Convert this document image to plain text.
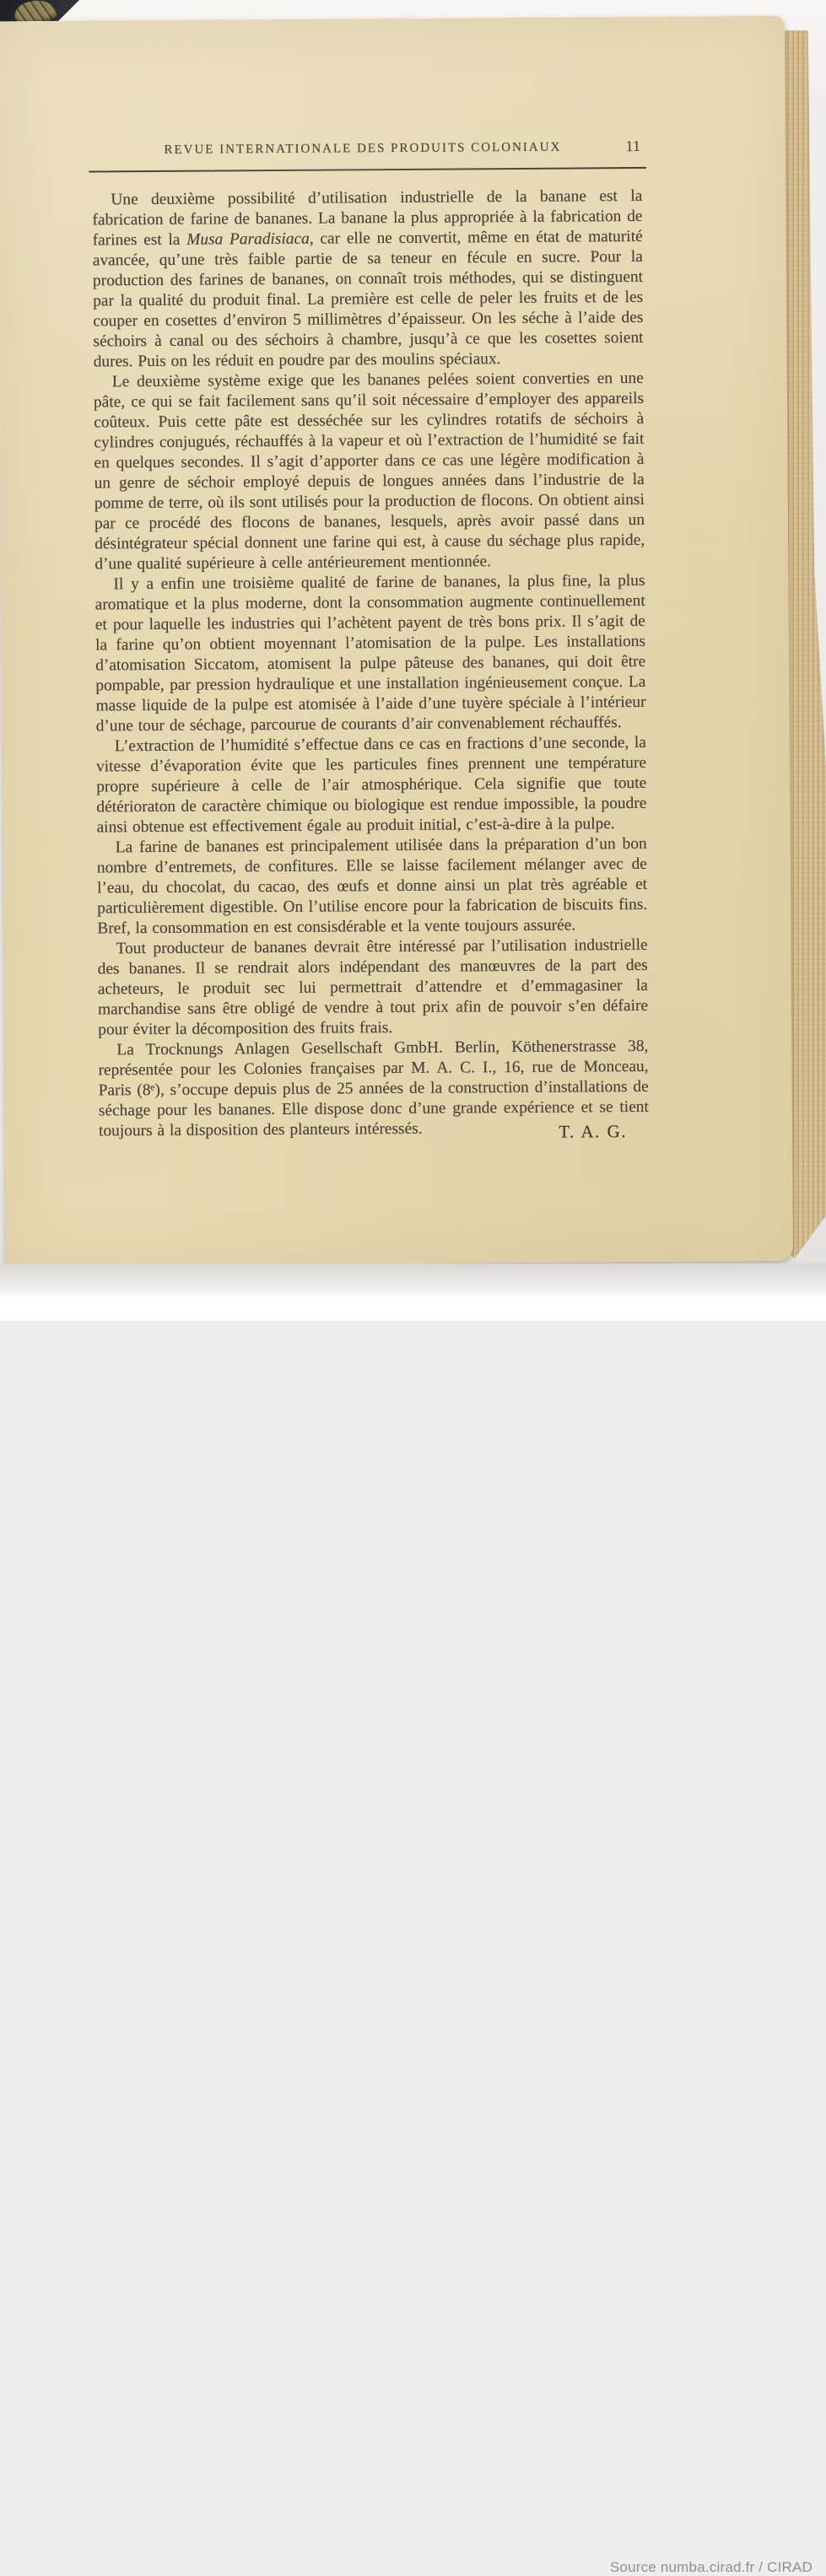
REVUE INTERNATIONALE DES PRODUITS COLONIAUX	11

Une deuxième possibilité d’utilisation industrielle de la banane est la fabrication de farine de bananes. La banane la plus appropriée à la fabrication de farines est la Musa Paradisiaca, car elle ne convertit, même en état de maturité avancée, qu’une très faible partie de sa teneur en fécule en sucre. Pour la production des farines de bananes, on connaît trois méthodes, qui se distinguent par la qualité du produit final. La première est celle de peler les fruits et de les couper en cosettes d’environ 5 millimètres d’épaisseur. On les séche à l’aide des séchoirs à canal ou des séchoirs à chambre, jusqu’à ce que les cosettes soient dures. Puis on les réduit en poudre par des moulins spéciaux.

Le deuxième système exige que les bananes pelées soient converties en une pâte, ce qui se fait facilement sans qu’il soit nécessaire d’employer des appareils coûteux. Puis cette pâte est desséchée sur les cylindres rotatifs de séchoirs à cylindres conjugués, réchauffés à la vapeur et où l’extraction de l’humidité se fait en quelques secondes. Il s’agit d’apporter dans ce cas une légère modification à un genre de séchoir employé depuis de longues années dans l’industrie de la pomme de terre, où ils sont utilisés pour la production de flocons. On obtient ainsi par ce procédé des flocons de bananes, lesquels, après avoir passé dans un désintégrateur spécial donnent une farine qui est, à cause du séchage plus rapide, d’une qualité supérieure à celle antérieurement mentionnée.

Il y a enfin une troisième qualité de farine de bananes, la plus fine, la plus aromatique et la plus moderne, dont la consommation augmente continuellement et pour laquelle les industries qui l’achètent payent de très bons prix. Il s’agit de la farine qu’on obtient moyennant l’atomisation de la pulpe. Les installations d’atomisation Siccatom, atomisent la pulpe pâteuse des bananes, qui doit être pompable, par pression hydraulique et une installation ingénieusement conçue. La masse liquide de la pulpe est atomisée à l’aide d’une tuyère spéciale à l’intérieur d’une tour de séchage, parcourue de courants d’air convenablement réchauffés.

L’extraction de l’humidité s’effectue dans ce cas en fractions d’une seconde, la vitesse d’évaporation évite que les particules fines prennent une température propre supérieure à celle de l’air atmosphérique. Cela signifie que toute détérioraton de caractère chimique ou biologique est rendue impossible, la poudre ainsi obtenue est effectivement égale au produit initial, c’est-à-dire à la pulpe.

La farine de bananes est principalement utilisée dans la préparation d’un bon nombre d’entremets, de confitures. Elle se laisse facilement mélanger avec de l’eau, du chocolat, du cacao, des œufs et donne ainsi un plat très agréable et particulièrement digestible. On l’utilise encore pour la fabrication de biscuits fins. Bref, la consommation en est consisdérable et la vente toujours assurée.

Tout producteur de bananes devrait être intéressé par l’utilisation industrielle des bananes. Il se rendrait alors indépendant des manœuvres de la part des acheteurs, le produit sec lui permettrait d’attendre et d’emmagasiner la marchandise sans être obligé de vendre à tout prix afin de pouvoir s’en défaire pour éviter la décomposition des fruits frais.

La Trocknungs Anlagen Gesellschaft GmbH. Berlin, Köthenerstrasse 38, représentée pour les Colonies françaises par M. A. C. I., 16, rue de Monceau, Paris (8ᵉ), s’occupe depuis plus de 25 années de la construction d’installations de séchage pour les bananes. Elle dispose donc d’une grande expérience et se tient toujours à la disposition des planteurs intéressés.	T. A. G.

Source numba.cirad.fr / CIRAD
